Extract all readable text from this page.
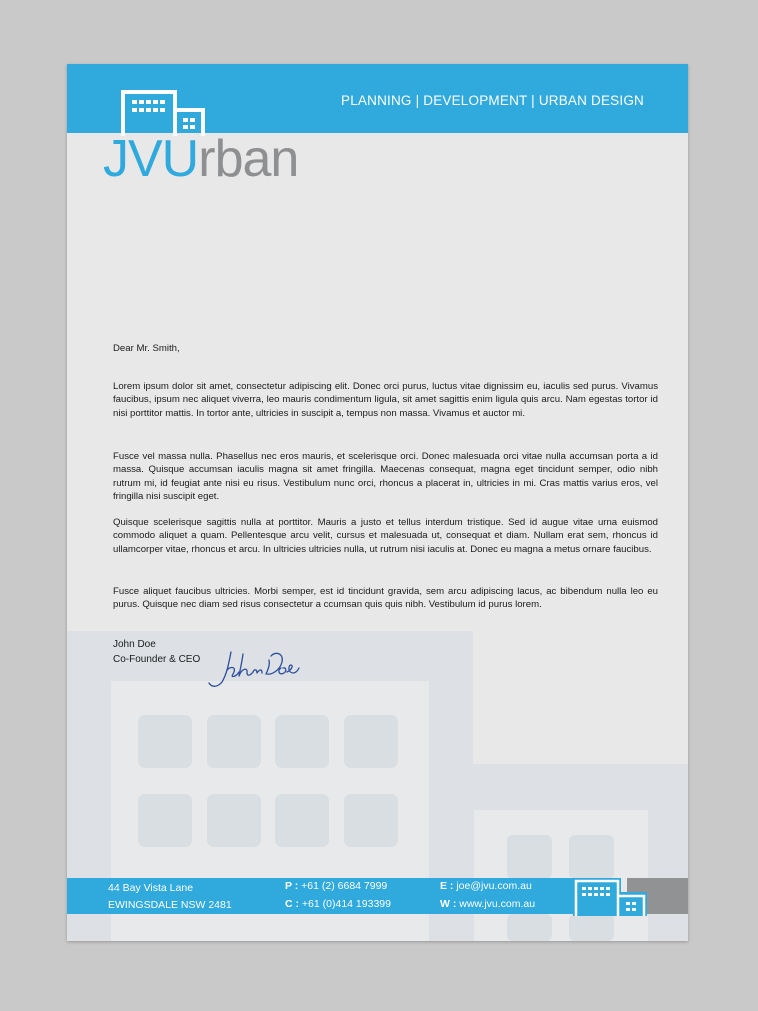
PLANNING | DEVELOPMENT | URBAN DESIGN
JVUrban
Dear Mr. Smith,
Lorem ipsum dolor sit amet, consectetur adipiscing elit. Donec orci purus, luctus vitae dignissim eu, iaculis sed purus. Vivamus faucibus, ipsum nec aliquet viverra, leo mauris condimentum ligula, sit amet sagittis enim ligula quis arcu. Nam egestas tortor id nisi porttitor mattis. In tortor ante, ultricies in suscipit a, tempus non massa. Vivamus et auctor mi.
Fusce vel massa nulla. Phasellus nec eros mauris, et scelerisque orci. Donec malesuada orci vitae nulla accumsan porta a id massa. Quisque accumsan iaculis magna sit amet fringilla. Maecenas consequat, magna eget tincidunt semper, odio nibh rutrum mi, id feugiat ante nisi eu risus. Vestibulum nunc orci, rhoncus a placerat in, ultricies in mi. Cras mattis varius eros, vel fringilla nisi suscipit eget.
Quisque scelerisque sagittis nulla at porttitor. Mauris a justo et tellus interdum tristique. Sed id augue vitae urna euismod commodo aliquet a quam. Pellentesque arcu velit, cursus et malesuada ut, consequat et diam. Nullam erat sem, rhoncus id ullamcorper vitae, rhoncus et arcu. In ultricies ultricies nulla, ut rutrum nisi iaculis at. Donec eu magna a metus ornare faucibus.
Fusce aliquet faucibus ultricies. Morbi semper, est id tincidunt gravida, sem arcu adipiscing lacus, ac bibendum nulla leo eu purus. Quisque nec diam sed risus consectetur a ccumsan quis quis nibh. Vestibulum id purus lorem.
John Doe
Co-Founder & CEO
44 Bay Vista Lane
EWINGSDALE NSW 2481
P : +61 (2) 6684 7999
C : +61 (0)414 193399
E : joe@jvu.com.au
W : www.jvu.com.au
